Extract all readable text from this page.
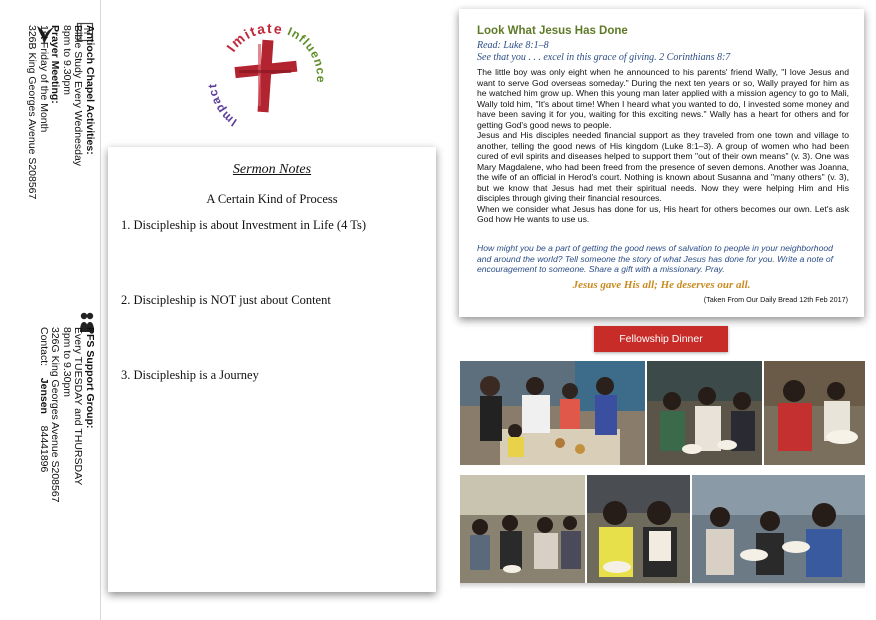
Antioch Chapel Activities:
Bible Study Every Wednesday
8pm to 9.30pm
Prayer Meeting:
1st Friday of the Month
326B King Georges Avenue S208567
PFS Support Group:
Every TUESDAY and THURSDAY
8pm to 9.30pm
326G King Georges Avenue S208567
Contact:    Jensen    84441896
Imitate Influence
Impact
Sermon Notes
A Certain Kind of Process
1. Discipleship is about Investment in Life (4 Ts)
2. Discipleship is NOT just about Content
3. Discipleship is a Journey
Look What Jesus Has Done
Read: Luke 8:1–8
See that you . . . excel in this grace of giving. 2 Corinthians 8:7

The little boy was only eight when he announced to his parents' friend Wally, "I love Jesus and want to serve God overseas someday." During the next ten years or so, Wally prayed for him as he watched him grow up. When this young man later applied with a mission agency to go to Mali, Wally told him, "It's about time! When I heard what you wanted to do, I invested some money and have been saving it for you, waiting for this exciting news." Wally has a heart for others and for getting God's good news to people.

Jesus and His disciples needed financial support as they traveled from one town and village to another, telling the good news of His kingdom (Luke 8:1–3). A group of women who had been cured of evil spirits and diseases helped to support them "out of their own means" (v. 3). One was Mary Magdalene, who had been freed from the presence of seven demons. Another was Joanna, the wife of an official in Herod's court. Nothing is known about Susanna and "many others" (v. 3), but we know that Jesus had met their spiritual needs. Now they were helping Him and His disciples through giving their financial resources.

When we consider what Jesus has done for us, His heart for others becomes our own. Let's ask God how He wants to use us.

How might you be a part of getting the good news of salvation to people in your neighborhood and around the world? Tell someone the story of what Jesus has done for you. Write a note of encouragement to someone. Share a gift with a missionary. Pray.
Jesus gave His all; He deserves our all.
(Taken From Our Daily Bread 12th Feb 2017)
Fellowship Dinner
